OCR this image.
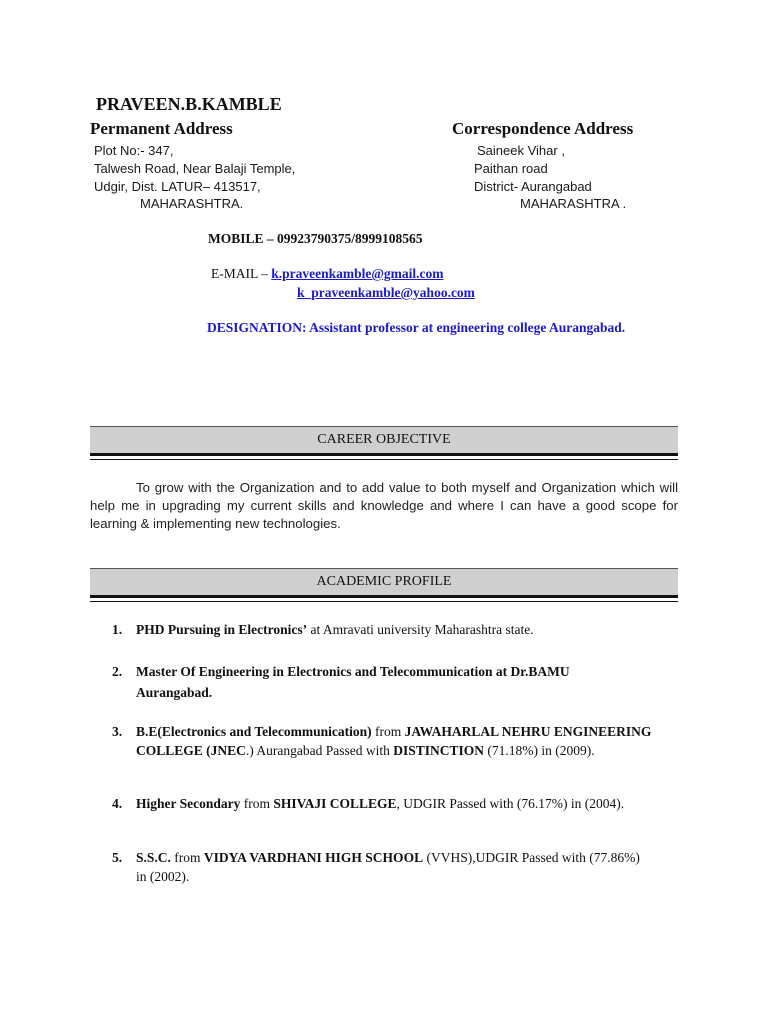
PRAVEEN.B.KAMBLE
Permanent Address
Plot No:- 347,
Talwesh Road, Near Balaji Temple,
Udgir, Dist. LATUR– 413517,
MAHARASHTRA.
Correspondence Address
Saineek Vihar ,
Paithan road
District- Aurangabad
MAHARASHTRA .
MOBILE – 09923790375/8999108565
E-MAIL – k.praveenkamble@gmail.com
k_praveenkamble@yahoo.com
DESIGNATION: Assistant professor at engineering college Aurangabad.
CAREER OBJECTIVE
To grow with the Organization and to add value to both myself and Organization which will help me in upgrading my current skills and knowledge and where I can have a good scope for learning & implementing new technologies.
ACADEMIC PROFILE
1. PHD Pursuing in Electronics’ at Amravati university Maharashtra state.
2. Master Of Engineering in Electronics and Telecommunication at Dr.BAMU Aurangabad.
3. B.E(Electronics and Telecommunication) from JAWAHARLAL NEHRU ENGINEERING COLLEGE (JNEC.) Aurangabad Passed with DISTINCTION (71.18%) in (2009).
4. Higher Secondary from SHIVAJI COLLEGE, UDGIR Passed with (76.17%) in (2004).
5. S.S.C. from VIDYA VARDHANI HIGH SCHOOL (VVHS),UDGIR Passed with (77.86%) in (2002).
